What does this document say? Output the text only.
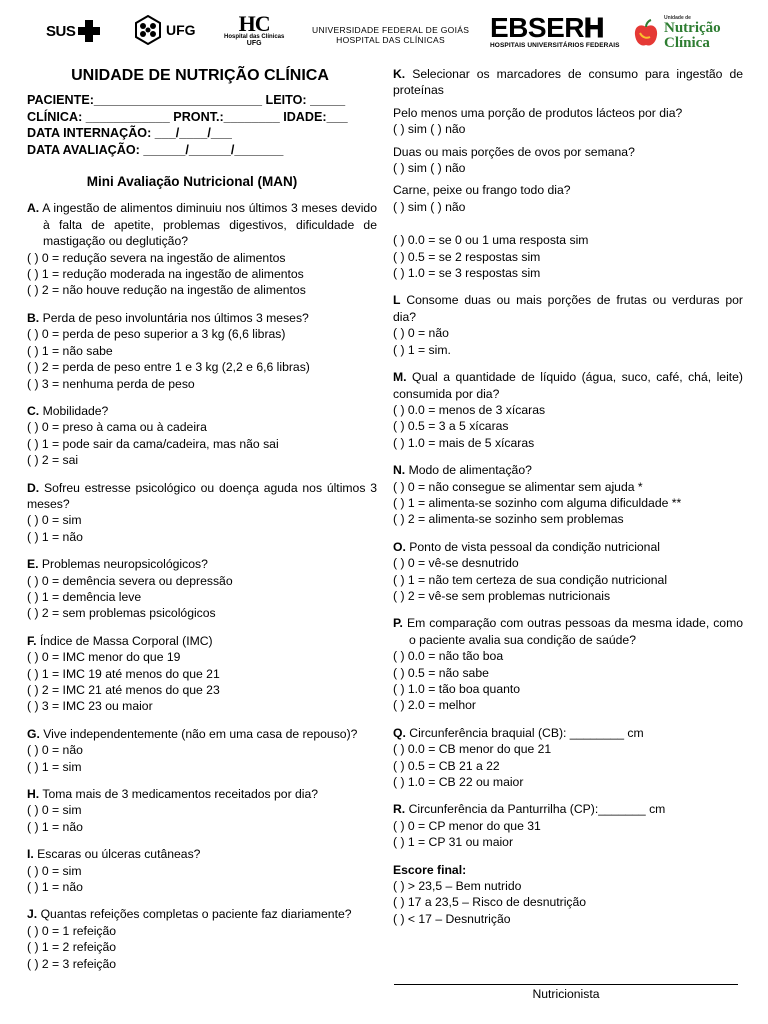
SUS	UFG HC
Hospital das Clínicas
UFG
UNIVERSIDADE FEDERAL DE GOIÁS
HOSPITAL DAS CLÍNICAS EBSERH
HOSPITAIS UNIVERSITÁRIOS FEDERAIS
Unidade de
Nutrição
Clínica
UNIDADE DE NUTRIÇÃO CLÍNICA
PACIENTE:________________________ LEITO: _____
CLÍNICA: ____________ PRONT.:________ IDADE:___
DATA INTERNAÇÃO: ___/____/___
DATA AVALIAÇÃO: ______/______/_______
Mini Avaliação Nutricional (MAN)
A. A ingestão de alimentos diminuiu nos últimos 3 meses devido à falta de apetite, problemas digestivos, dificuldade de mastigação ou deglutição?
( ) 0 = redução severa na ingestão de alimentos
( ) 1 = redução moderada na ingestão de alimentos
( ) 2 = não houve redução na ingestão de alimentos
B. Perda de peso involuntária nos últimos 3 meses?
( ) 0 = perda de peso superior a 3 kg (6,6 libras)
( ) 1 = não sabe
( ) 2 = perda de peso entre 1 e 3 kg (2,2 e 6,6 libras)
( ) 3 = nenhuma perda de peso
C. Mobilidade?
( ) 0 = preso à cama ou à cadeira
( ) 1 = pode sair da cama/cadeira, mas não sai
( ) 2 = sai
D. Sofreu estresse psicológico ou doença aguda nos últimos 3 meses?
( ) 0 = sim
( ) 1 = não
E. Problemas neuropsicológicos?
( ) 0 = demência severa ou depressão
( ) 1 = demência leve
( ) 2 = sem problemas psicológicos
F. Índice de Massa Corporal (IMC)
( ) 0 = IMC menor do que 19
( ) 1 = IMC 19 até menos do que 21
( ) 2 = IMC 21 até menos do que 23
( ) 3 = IMC 23 ou maior
G. Vive independentemente (não em uma casa de repouso)?
( ) 0 = não
( ) 1 = sim
H. Toma mais de 3 medicamentos receitados por dia?
( ) 0 = sim
( ) 1 = não
I. Escaras ou úlceras cutâneas?
( ) 0 = sim
( ) 1 = não
J. Quantas refeições completas o paciente faz diariamente?
( ) 0 = 1 refeição
( ) 1 = 2 refeição
( ) 2 = 3 refeição
K. Selecionar os marcadores de consumo para ingestão de proteínas
Pelo menos uma porção de produtos lácteos por dia?
( ) sim ( ) não
Duas ou mais porções de ovos por semana?
( ) sim ( ) não
Carne, peixe ou frango todo dia?
( ) sim ( ) não
( ) 0.0 = se 0 ou 1 uma resposta sim
( ) 0.5 = se 2 respostas sim
( ) 1.0 = se 3 respostas sim
L Consome duas ou mais porções de frutas ou verduras por dia?
( ) 0 = não
( ) 1 = sim.
M. Qual a quantidade de líquido (água, suco, café, chá, leite) consumida por dia?
( ) 0.0 = menos de 3 xícaras
( ) 0.5 = 3 a 5 xícaras
( ) 1.0 = mais de 5 xícaras
N. Modo de alimentação?
( ) 0 = não consegue se alimentar sem ajuda *
( ) 1 = alimenta-se sozinho com alguma dificuldade **
( ) 2 = alimenta-se sozinho sem problemas
O. Ponto de vista pessoal da condição nutricional
( ) 0 = vê-se desnutrido
( ) 1 = não tem certeza de sua condição nutricional
( ) 2 = vê-se sem problemas nutricionais
P. Em comparação com outras pessoas da mesma idade, como o paciente avalia sua condição de saúde?
( ) 0.0 = não tão boa
( ) 0.5 = não sabe
( ) 1.0 = tão boa quanto
( ) 2.0 = melhor
Q. Circunferência braquial (CB): ________ cm
( ) 0.0 = CB menor do que 21
( ) 0.5 = CB 21 a 22
( ) 1.0 = CB 22 ou maior
R. Circunferência da Panturrilha (CP):_______ cm
( ) 0 = CP menor do que 31
( ) 1 = CP 31 ou maior
Escore final:
( ) > 23,5 – Bem nutrido
( ) 17 a 23,5 – Risco de desnutrição
( ) < 17 – Desnutrição
Nutricionista
